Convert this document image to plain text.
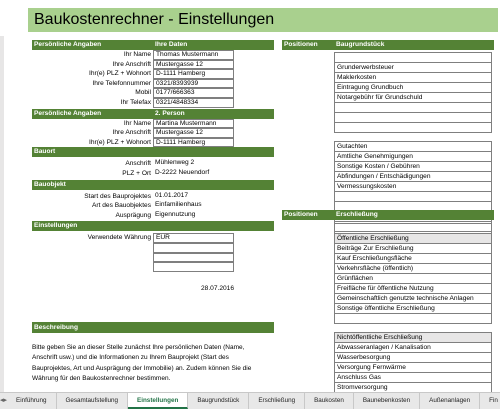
Baukostenrechner - Einstellungen
Persönliche Angaben	Ihre Daten
Ihr Name Thomas Mustermann
Ihre Anschrift Mustergasse 12
Ihr(e) PLZ + Wohnort D-1111 Hamberg
Ihre Telefonnummer 0321/8393939
Mobil 0177/666363
Ihr Telefax 0321/4848334
Persönliche Angaben	2. Person
Ihr Name Martina Mustermann
Ihre Anschrift Mustergasse 12
Ihr(e) PLZ + Wohnort D-1111 Hamberg
Bauort
Anschrift Mühlenweg 2
PLZ + Ort D-2222 Neuendorf
Bauobjekt
Start des Bauprojektes 01.01.2017
Art des Bauobjektes Einfamilienhaus
Ausprägung Eigennutzung
Einstellungen
Verwendete Währung EUR
28.07.2016
Beschreibung
Bitte geben Sie an dieser Stelle zunächst Ihre persönlichen Daten (Name,
Anschrift usw.) und die Informationen zu Ihrem Bauprojekt (Start des
Bauprojektes, Art und Ausprägung der Immobilie) an. Zudem können Sie die
Währung für den Baukostenrechner bestimmen.
Positionen	Baugrundstück
Grunderwerbsteuer
Maklerkosten
Eintragung Grundbuch
Notargebühr für Grundschuld
Gutachten
Amtliche Genehmigungen
Sonstige Kosten / Gebühren
Abfindungen / Entschädigungen
Vermessungskosten
Positionen	Erschließung
Öffentliche Erschließung
Beiträge Zur Erschließung
Kauf Erschließungsfläche
Verkehrsfläche (öffentlich)
Grünflächen
Freifläche für öffentliche Nutzung
Gemeinschaftlich genutzte technische Anlagen
Sonstige öffentliche Erschließung
Nichtöffentliche Erschließung
Abwasseranlagen / Kanalisation
Wasserbesorgung
Versorgung Fernwärme
Anschluss Gas
Stromversorgung
◂ ▸	Einführung	Gesamtaufstellung	Einstellungen	Baugrundstück	Erschließung	Baukosten	Baunebenkosten	Außenanlagen	Fin
